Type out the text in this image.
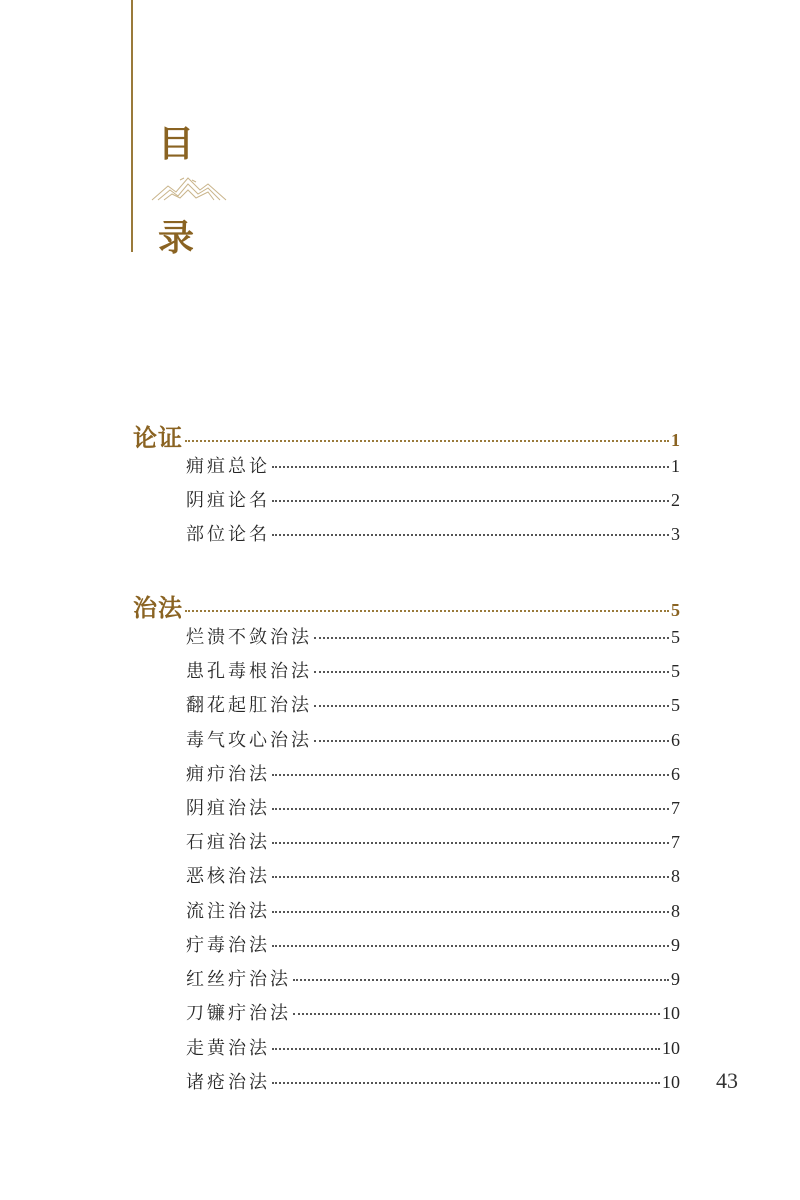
目
录
论证	1
痈疽总论	1
阴疽论名	2
部位论名	3
治法	5
烂溃不敛治法	5
患孔毒根治法	5
翻花起肛治法	5
毒气攻心治法	6
痈疖治法	6
阴疽治法	7
石疽治法	7
恶核治法	8
流注治法	8
疔毒治法	9
红丝疔治法	9
刀镰疔治法	10
走黄治法	10
诸疮治法	10 43
